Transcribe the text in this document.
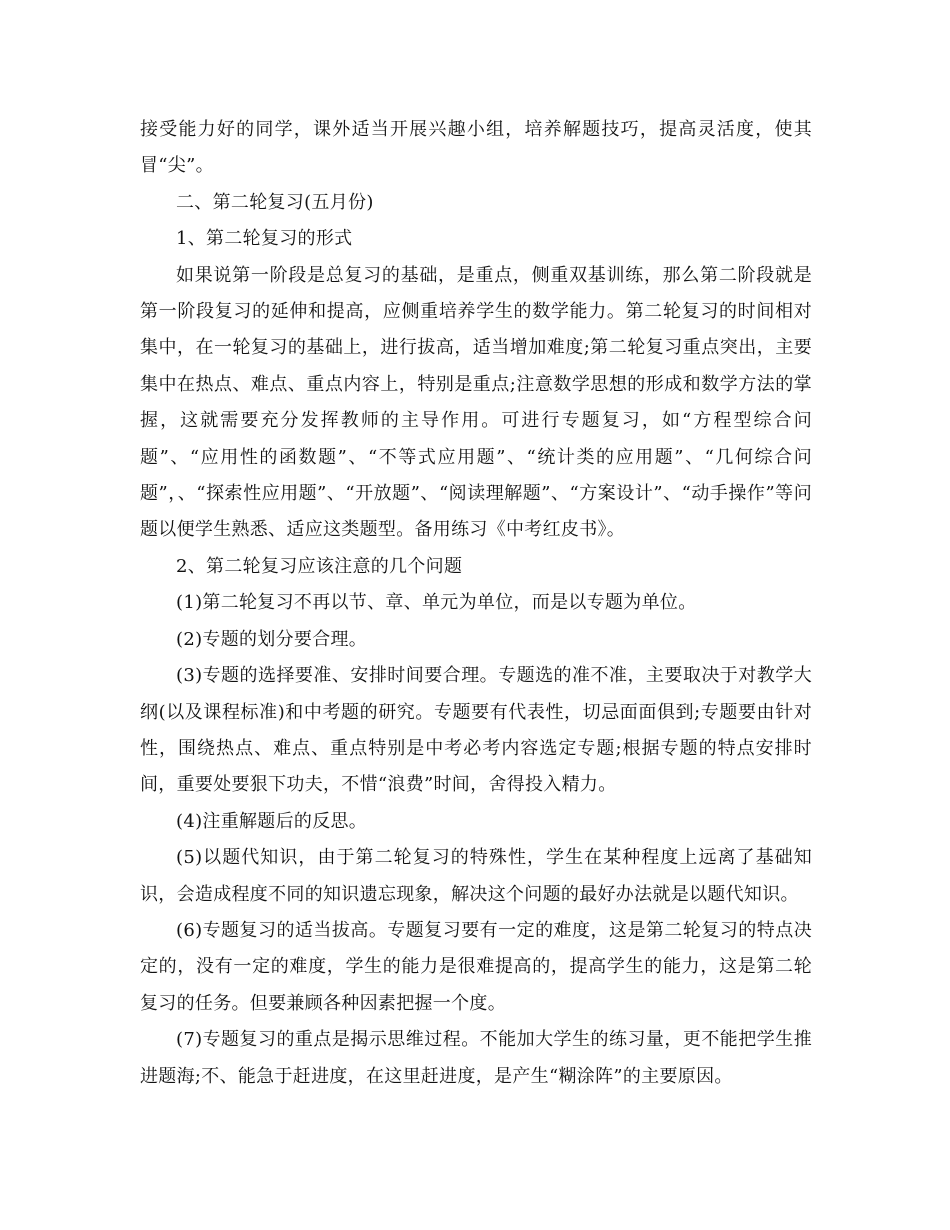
接受能力好的同学，课外适当开展兴趣小组，培养解题技巧，提高灵活度，使其冒“尖”。

二、第二轮复习(五月份)

1、第二轮复习的形式

如果说第一阶段是总复习的基础，是重点，侧重双基训练，那么第二阶段就是第一阶段复习的延伸和提高，应侧重培养学生的数学能力。第二轮复习的时间相对集中，在一轮复习的基础上，进行拔高，适当增加难度;第二轮复习重点突出，主要集中在热点、难点、重点内容上，特别是重点;注意数学思想的形成和数学方法的掌握，这就需要充分发挥教师的主导作用。可进行专题复习，如“方程型综合问题”、“应用性的函数题”、“不等式应用题”、“统计类的应用题”、“几何综合问题”，、“探索性应用题”、“开放题”、“阅读理解题”、“方案设计”、“动手操作”等问题以便学生熟悉、适应这类题型。备用练习《中考红皮书》。

2、第二轮复习应该注意的几个问题

(1)第二轮复习不再以节、章、单元为单位，而是以专题为单位。

(2)专题的划分要合理。

(3)专题的选择要准、安排时间要合理。专题选的准不准，主要取决于对教学大纲(以及课程标准)和中考题的研究。专题要有代表性，切忌面面俱到;专题要由针对性，围绕热点、难点、重点特别是中考必考内容选定专题;根据专题的特点安排时间，重要处要狠下功夫，不惜“浪费”时间，舍得投入精力。

(4)注重解题后的反思。

(5)以题代知识，由于第二轮复习的特殊性，学生在某种程度上远离了基础知识，会造成程度不同的知识遗忘现象，解决这个问题的最好办法就是以题代知识。

(6)专题复习的适当拔高。专题复习要有一定的难度，这是第二轮复习的特点决定的，没有一定的难度，学生的能力是很难提高的，提高学生的能力，这是第二轮复习的任务。但要兼顾各种因素把握一个度。

(7)专题复习的重点是揭示思维过程。不能加大学生的练习量，更不能把学生推进题海;不、能急于赶进度，在这里赶进度，是产生“糊涂阵”的主要原因。
